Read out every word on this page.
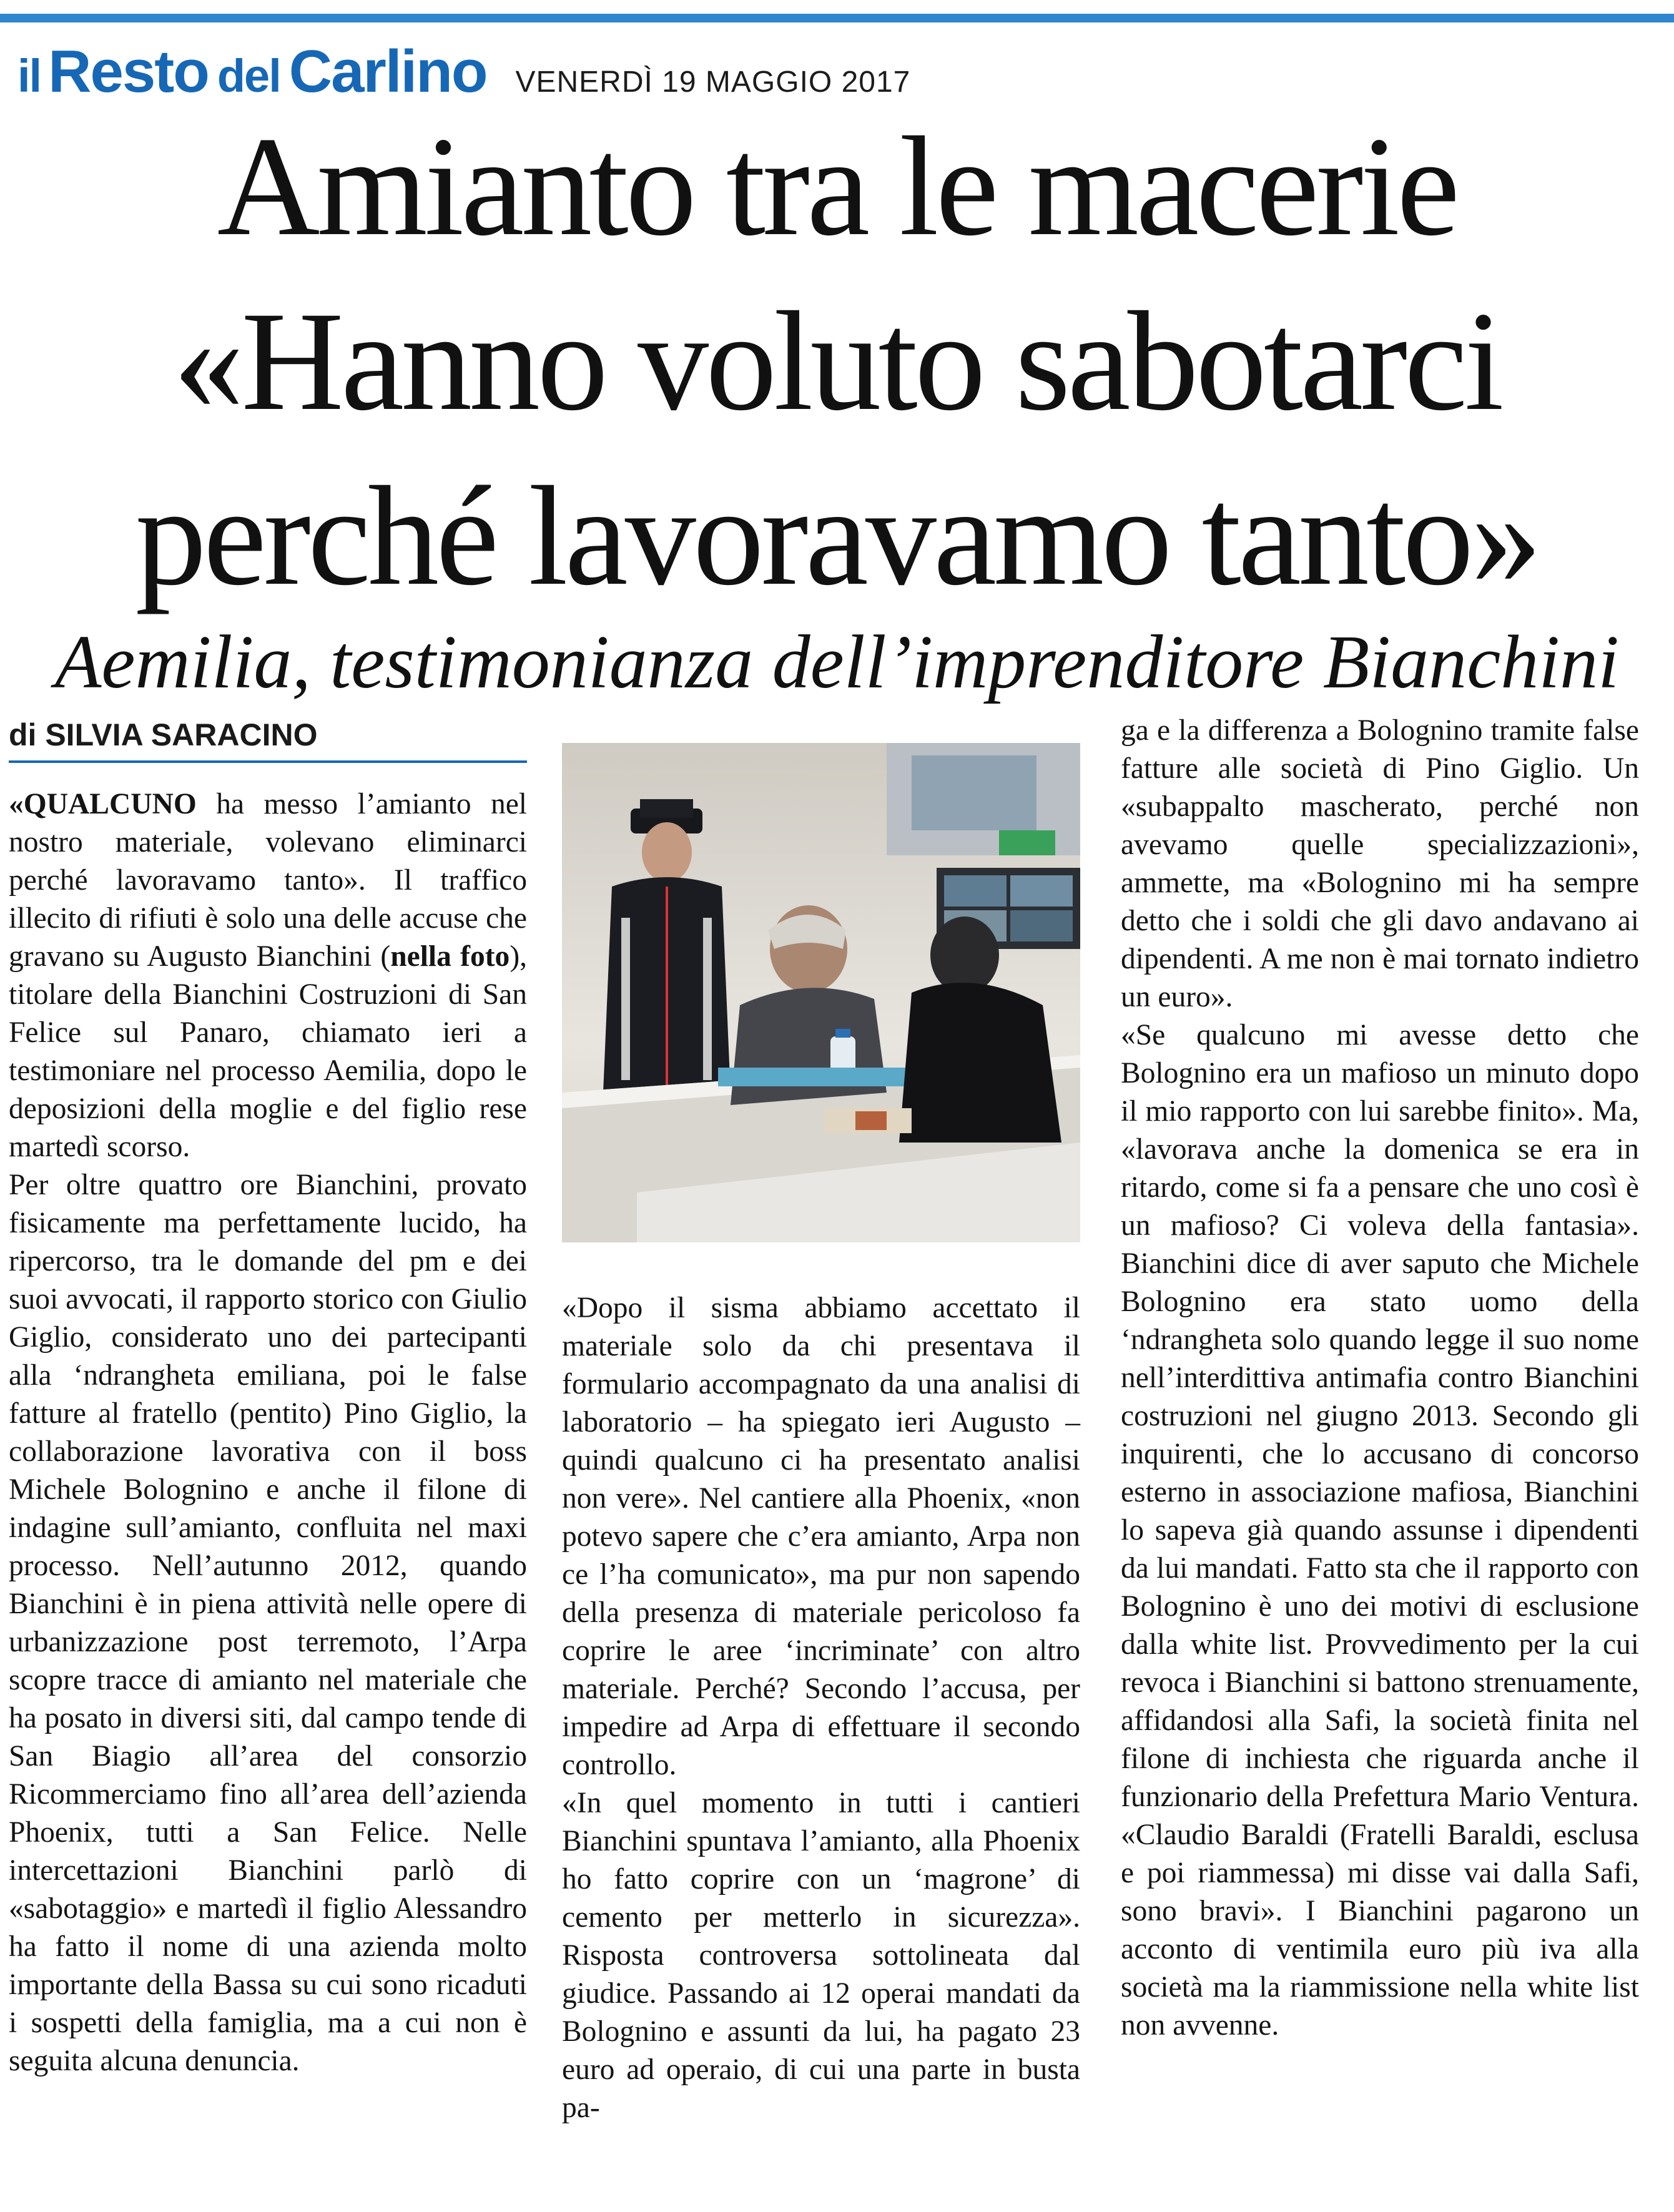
il Resto del Carlino VENERDÌ 19 MAGGIO 2017
Amianto tra le macerie
«Hanno voluto sabotarci
perché lavoravamo tanto»
Aemilia, testimonianza dell’imprenditore Bianchini
di SILVIA SARACINO

«QUALCUNO ha messo l’amianto nel nostro materiale, volevano eliminarci perché lavoravamo tanto». Il traffico illecito di rifiuti è solo una delle accuse che gravano su Augusto Bianchini (nella foto), titolare della Bianchini Costruzioni di San Felice sul Panaro, chiamato ieri a testimoniare nel processo Aemilia, dopo le deposizioni della moglie e del figlio rese martedì scorso.

Per oltre quattro ore Bianchini, provato fisicamente ma perfettamente lucido, ha ripercorso, tra le domande del pm e dei suoi avvocati, il rapporto storico con Giulio Giglio, considerato uno dei partecipanti alla ‘ndrangheta emiliana, poi le false fatture al fratello (pentito) Pino Giglio, la collaborazione lavorativa con il boss Michele Bolognino e anche il filone di indagine sull’amianto, confluita nel maxi processo. Nell’autunno 2012, quando Bianchini è in piena attività nelle opere di urbanizzazione post terremoto, l’Arpa scopre tracce di amianto nel materiale che ha posato in diversi siti, dal campo tende di San Biagio all’area del consorzio Ricommerciamo fino all’area dell’azienda Phoenix, tutti a San Felice. Nelle intercettazioni Bianchini parlò di «sabotaggio» e martedì il figlio Alessandro ha fatto il nome di una azienda molto importante della Bassa su cui sono ricaduti i sospetti della famiglia, ma a cui non è seguita alcuna denuncia.

«Dopo il sisma abbiamo accettato il materiale solo da chi presentava il formulario accompagnato da una analisi di laboratorio – ha spiegato ieri Augusto – quindi qualcuno ci ha presentato analisi non vere». Nel cantiere alla Phoenix, «non potevo sapere che c’era amianto, Arpa non ce l’ha comunicato», ma pur non sapendo della presenza di materiale pericoloso fa coprire le aree ‘incriminate’ con altro materiale. Perché? Secondo l’accusa, per impedire ad Arpa di effettuare il secondo controllo.

«In quel momento in tutti i cantieri Bianchini spuntava l’amianto, alla Phoenix ho fatto coprire con un ‘magrone’ di cemento per metterlo in sicurezza». Risposta controversa sottolineata dal giudice. Passando ai 12 operai mandati da Bolognino e assunti da lui, ha pagato 23 euro ad operaio, di cui una parte in busta pa-

ga e la differenza a Bolognino tramite false fatture alle società di Pino Giglio. Un «subappalto mascherato, perché non avevamo quelle specializzazioni», ammette, ma «Bolognino mi ha sempre detto che i soldi che gli davo andavano ai dipendenti. A me non è mai tornato indietro un euro».

«Se qualcuno mi avesse detto che Bolognino era un mafioso un minuto dopo il mio rapporto con lui sarebbe finito». Ma, «lavorava anche la domenica se era in ritardo, come si fa a pensare che uno così è un mafioso? Ci voleva della fantasia». Bianchini dice di aver saputo che Michele Bolognino era stato uomo della ‘ndrangheta solo quando legge il suo nome nell’interdittiva antimafia contro Bianchini costruzioni nel giugno 2013. Secondo gli inquirenti, che lo accusano di concorso esterno in associazione mafiosa, Bianchini lo sapeva già quando assunse i dipendenti da lui mandati. Fatto sta che il rapporto con Bolognino è uno dei motivi di esclusione dalla white list. Provvedimento per la cui revoca i Bianchini si battono strenuamente, affidandosi alla Safi, la società finita nel filone di inchiesta che riguarda anche il funzionario della Prefettura Mario Ventura. «Claudio Baraldi (Fratelli Baraldi, esclusa e poi riammessa) mi disse vai dalla Safi, sono bravi». I Bianchini pagarono un acconto di ventimila euro più iva alla società ma la riammissione nella white list non avvenne.
